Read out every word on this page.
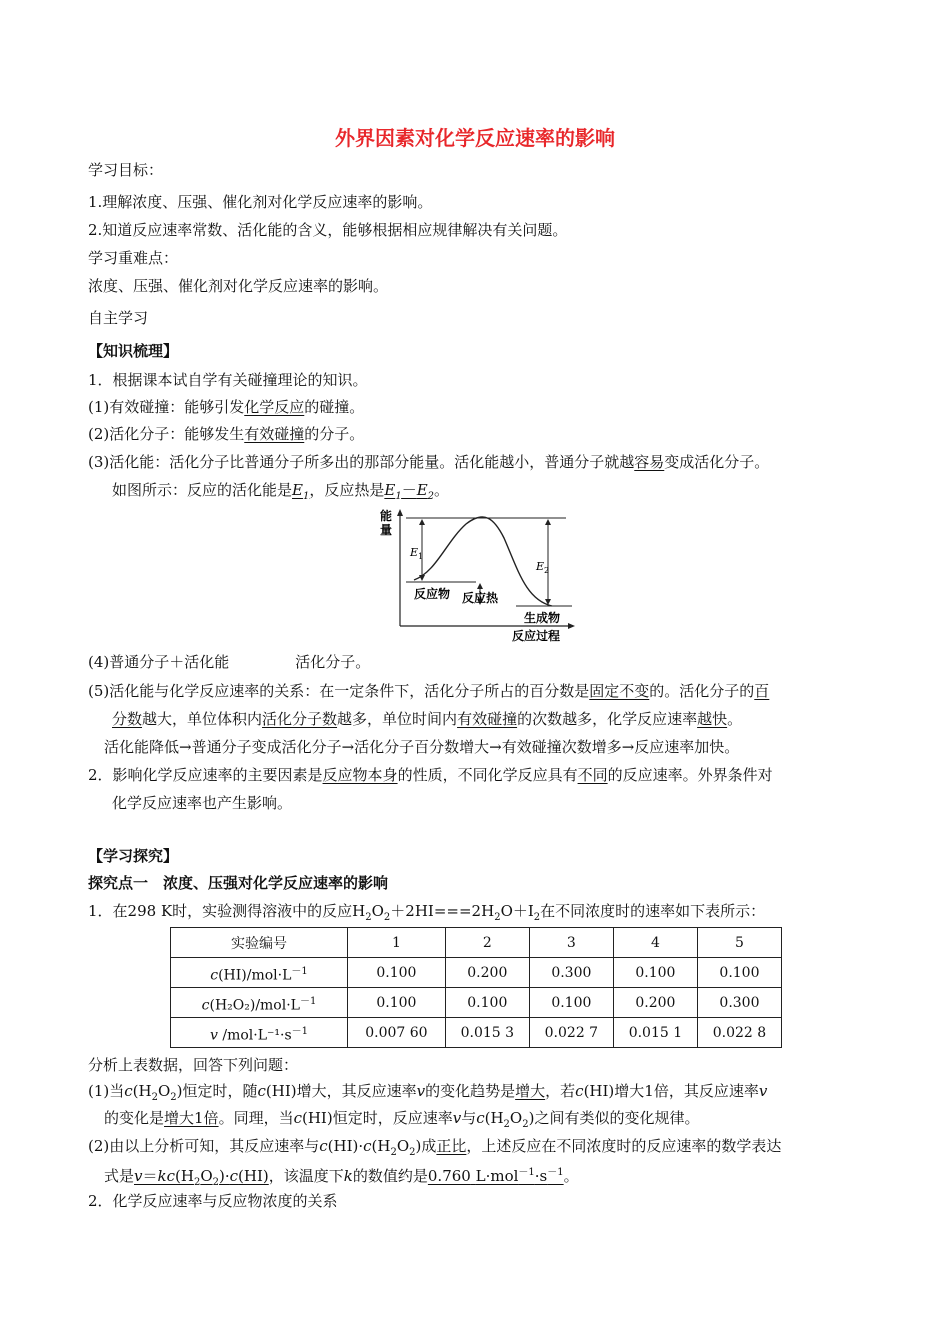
外界因素对化学反应速率的影响
学习目标：
1.理解浓度、压强、催化剂对化学反应速率的影响。
2.知道反应速率常数、活化能的含义，能够根据相应规律解决有关问题。
学习重难点：
浓度、压强、催化剂对化学反应速率的影响。
自主学习
【知识梳理】
1．根据课本试自学有关碰撞理论的知识。
(1)有效碰撞：能够引发化学反应的碰撞。
(2)活化分子：能够发生有效碰撞的分子。
(3)活化能：活化分子比普通分子所多出的那部分能量。活化能越小，普通分子就越容易变成活化分子。
如图所示：反应的活化能是$E_1$，反应热是$E_1-E_2$。
能
量
$E_1$
$E_2$
反应物 反应热
生成物
反应过程
(4)普通分子＋活化能	活化分子。
(5)活化能与化学反应速率的关系：在一定条件下，活化分子所占的百分数是固定不变的。活化分子的百
分数越大，单位体积内活化分子数越多，单位时间内有效碰撞的次数越多，化学反应速率越快。
活化能降低→普通分子变成活化分子→活化分子百分数增大→有效碰撞次数增多→反应速率加快。
2．影响化学反应速率的主要因素是反应物本身的性质，不同化学反应具有不同的反应速率。外界条件对
化学反应速率也产生影响。
【学习探究】
探究点一　浓度、压强对化学反应速率的影响
1．在298 K时，实验测得溶液中的反应$H_2O_2+2HI===2H_2O+I_2$在不同浓度时的速率如下表所示：
实验编号	1	2	3	4	5
$c(HI)/mol\cdot L^{-1}$	0.100	0.200	0.300	0.100	0.100
$c(H_2O_2)/mol\cdot L^{-1}$	0.100	0.100	0.100	0.200	0.300
v $/mol\cdot L^{-1}\cdot s^{-1}$	0.007 60	0.015 3	0.022 7	0.015 1	0.022 8
分析上表数据，回答下列问题：
(1)当$c(H_2O_2)$恒定时，随c(HI)增大，其反应速率v的变化趋势是增大，若c(HI)增大1倍，其反应速率v
的变化是增大1倍。同理，当c(HI)恒定时，反应速率v与$c(H_2O_2)$之间有类似的变化规律。
(2)由以上分析可知，其反应速率与$c(HI)\cdot c(H_2O_2)$成正比，上述反应在不同浓度时的反应速率的数学表达
式是$v=kc(H_2O_2)\cdot c(HI)$，该温度下k的数值约是0.760 $L\cdot mol^{-1}\cdot s^{-1}$。
2．化学反应速率与反应物浓度的关系
